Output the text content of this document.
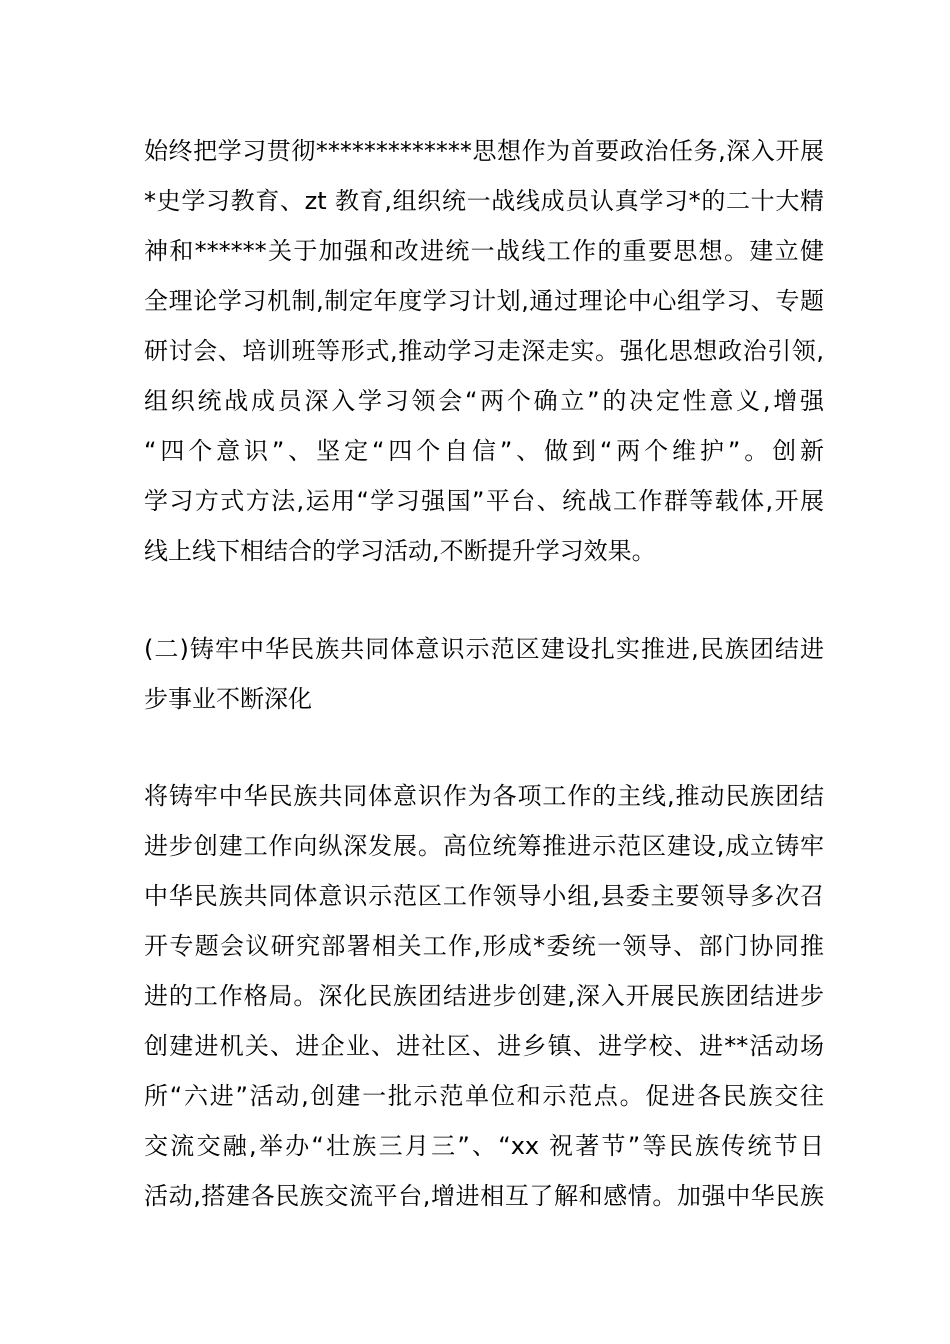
始终把学习贯彻*************思想作为首要政治任务,深入开展
*史学习教育、zt 教育,组织统一战线成员认真学习*的二十大精
神和******关于加强和改进统一战线工作的重要思想。建立健
全理论学习机制,制定年度学习计划,通过理论中心组学习、专题
研讨会、培训班等形式,推动学习走深走实。强化思想政治引领,
组织统战成员深入学习领会“两个确立”的决定性意义,增强
“四个意识”、坚定“四个自信”、做到“两个维护”。创新
学习方式方法,运用“学习强国”平台、统战工作群等载体,开展
线上线下相结合的学习活动,不断提升学习效果。
(二)铸牢中华民族共同体意识示范区建设扎实推进,民族团结进
步事业不断深化
将铸牢中华民族共同体意识作为各项工作的主线,推动民族团结
进步创建工作向纵深发展。高位统筹推进示范区建设,成立铸牢
中华民族共同体意识示范区工作领导小组,县委主要领导多次召
开专题会议研究部署相关工作,形成*委统一领导、部门协同推
进的工作格局。深化民族团结进步创建,深入开展民族团结进步
创建进机关、进企业、进社区、进乡镇、进学校、进**活动场
所“六进”活动,创建一批示范单位和示范点。促进各民族交往
交流交融,举办“壮族三月三”、“xx 祝著节”等民族传统节日
活动,搭建各民族交流平台,增进相互了解和感情。加强中华民族
